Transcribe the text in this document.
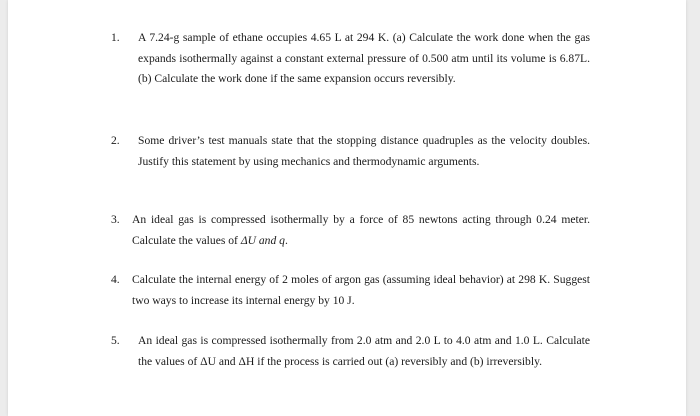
1. A 7.24-g sample of ethane occupies 4.65 L at 294 K. (a) Calculate the work done when the gas expands isothermally against a constant external pressure of 0.500 atm until its volume is 6.87L. (b) Calculate the work done if the same expansion occurs reversibly.
2. Some driver’s test manuals state that the stopping distance quadruples as the velocity doubles. Justify this statement by using mechanics and thermodynamic arguments.
3. An ideal gas is compressed isothermally by a force of 85 newtons acting through 0.24 meter. Calculate the values of ΔU and q.
4. Calculate the internal energy of 2 moles of argon gas (assuming ideal behavior) at 298 K. Suggest two ways to increase its internal energy by 10 J.
5. An ideal gas is compressed isothermally from 2.0 atm and 2.0 L to 4.0 atm and 1.0 L. Calculate the values of ΔU and ΔH if the process is carried out (a) reversibly and (b) irreversibly.
